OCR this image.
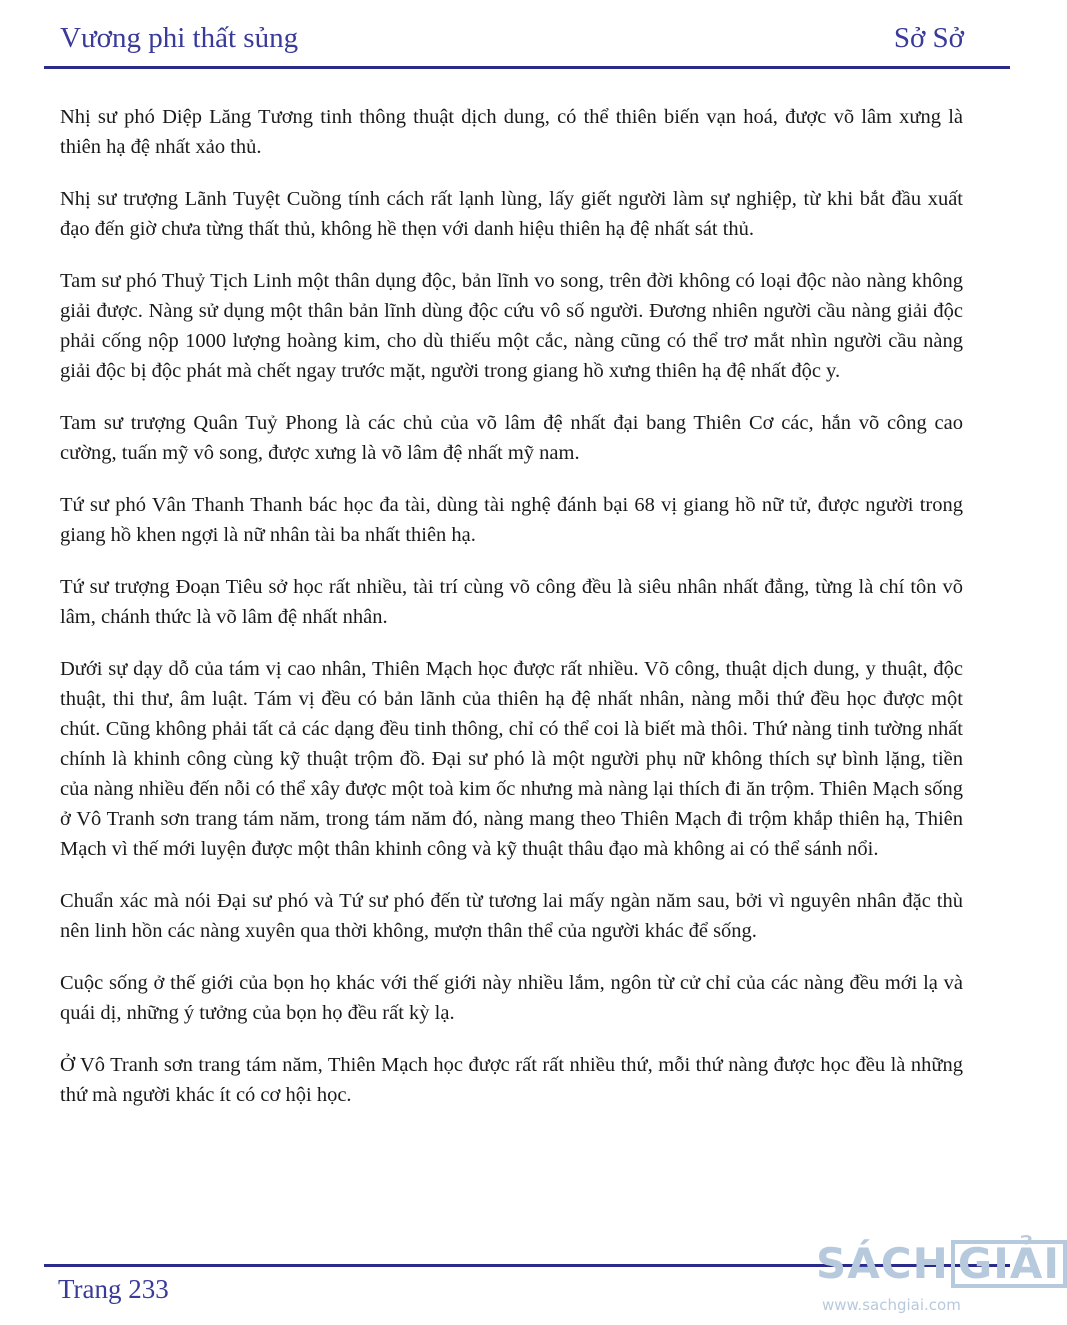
Vương phi thất sủng	Sở Sở

Nhị sư phó Diệp Lăng Tương tinh thông thuật dịch dung, có thể thiên biến vạn hoá, được võ lâm xưng là thiên hạ đệ nhất xảo thủ.

Nhị sư trượng Lãnh Tuyệt Cuồng tính cách rất lạnh lùng, lấy giết người làm sự nghiệp, từ khi bắt đầu xuất đạo đến giờ chưa từng thất thủ, không hề thẹn với danh hiệu thiên hạ đệ nhất sát thủ.

Tam sư phó Thuỷ Tịch Linh một thân dụng độc, bản lĩnh vo song, trên đời không có loại độc nào nàng không giải được. Nàng sử dụng một thân bản lĩnh dùng độc cứu vô số người. Đương nhiên người cầu nàng giải độc phải cống nộp 1000 lượng hoàng kim, cho dù thiếu một cắc, nàng cũng có thể trơ mắt nhìn người cầu nàng giải độc bị độc phát mà chết ngay trước mặt, người trong giang hồ xưng thiên hạ đệ nhất độc y.

Tam sư trượng Quân Tuỷ Phong là các chủ của võ lâm đệ nhất đại bang Thiên Cơ các, hắn võ công cao cường, tuấn mỹ vô song, được xưng là võ lâm đệ nhất mỹ nam.

Tứ sư phó Vân Thanh Thanh bác học đa tài, dùng tài nghệ đánh bại 68 vị giang hồ nữ tử, được người trong giang hồ khen ngợi là nữ nhân tài ba nhất thiên hạ.

Tứ sư trượng Đoạn Tiêu sở học rất nhiều, tài trí cùng võ công đều là siêu nhân nhất đẳng, từng là chí tôn võ lâm, chánh thức là võ lâm đệ nhất nhân.

Dưới sự dạy dỗ của tám vị cao nhân, Thiên Mạch học được rất nhiều. Võ công, thuật dịch dung, y thuật, độc thuật, thi thư, âm luật. Tám vị đều có bản lãnh của thiên hạ đệ nhất nhân, nàng mỗi thứ đều học được một chút. Cũng không phải tất cả các dạng đều tinh thông, chỉ có thể coi là biết mà thôi. Thứ nàng tinh tường nhất chính là khinh công cùng kỹ thuật trộm đồ. Đại sư phó là một người phụ nữ không thích sự bình lặng, tiền của nàng nhiều đến nỗi có thể xây được một toà kim ốc nhưng mà nàng lại thích đi ăn trộm. Thiên Mạch sống ở Vô Tranh sơn trang tám năm, trong tám năm đó, nàng mang theo Thiên Mạch đi trộm khắp thiên hạ, Thiên Mạch vì thế mới luyện được một thân khinh công và kỹ thuật thâu đạo mà không ai có thể sánh nổi.

Chuẩn xác mà nói Đại sư phó và Tứ sư phó đến từ tương lai mấy ngàn năm sau, bởi vì nguyên nhân đặc thù nên linh hồn các nàng xuyên qua thời không, mượn thân thể của người khác để sống.

Cuộc sống ở thế giới của bọn họ khác với thế giới này nhiều lắm, ngôn từ cử chỉ của các nàng đều mới lạ và quái dị, những ý tưởng của bọn họ đều rất kỳ lạ.

Ở Vô Tranh sơn trang tám năm, Thiên Mạch học được rất rất nhiều thứ, mỗi thứ nàng được học đều là những thứ mà người khác ít có cơ hội học.

Trang 233
SÁCH GIẢI
www.sachgiai.com
